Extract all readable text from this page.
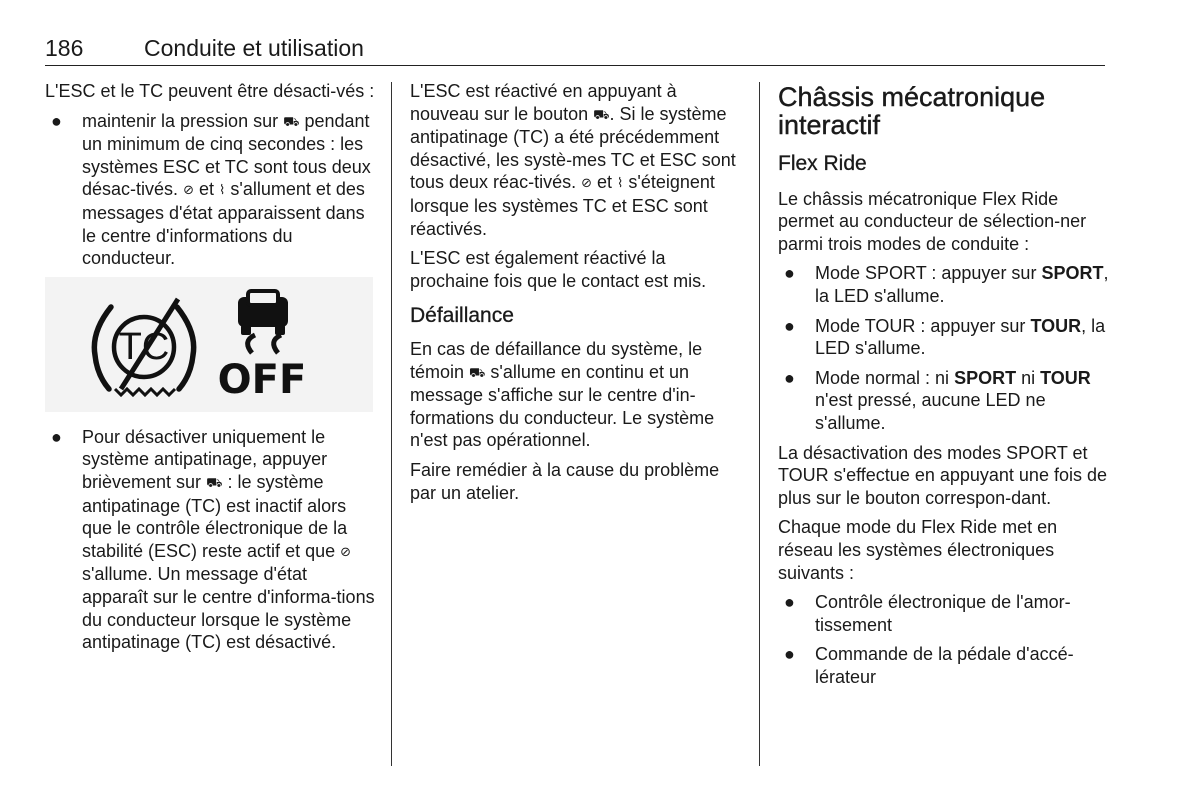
186	Conduite et utilisation

L'ESC et le TC peuvent être désacti-vés :

● maintenir la pression sur ⛟ pendant un minimum de cinq secondes : les systèmes ESC et TC sont tous deux désac-tivés. ⊘ et ⌇ s'allument et des messages d'état apparaissent dans le centre d'informations du conducteur.
TC
OFF
● Pour désactiver uniquement le système antipatinage, appuyer brièvement sur ⛟ : le système antipatinage (TC) est inactif alors que le contrôle électronique de la stabilité (ESC) reste actif et que ⊘ s'allume. Un message d'état apparaît sur le centre d'informa-tions du conducteur lorsque le système antipatinage (TC) est désactivé.

L'ESC est réactivé en appuyant à nouveau sur le bouton ⛟. Si le système antipatinage (TC) a été précédemment désactivé, les systè-mes TC et ESC sont tous deux réac-tivés. ⊘ et ⌇ s'éteignent lorsque les systèmes TC et ESC sont réactivés.

L'ESC est également réactivé la prochaine fois que le contact est mis.

Défaillance

En cas de défaillance du système, le témoin ⛟ s'allume en continu et un message s'affiche sur le centre d'in-formations du conducteur. Le système n'est pas opérationnel.

Faire remédier à la cause du problème par un atelier.

Châssis mécatronique interactif
Flex Ride

Le châssis mécatronique Flex Ride permet au conducteur de sélection-ner parmi trois modes de conduite :

● Mode SPORT : appuyer sur SPORT, la LED s'allume.
● Mode TOUR : appuyer sur TOUR, la LED s'allume.
● Mode normal : ni SPORT ni TOUR n'est pressé, aucune LED ne s'allume.

La désactivation des modes SPORT et TOUR s'effectue en appuyant une fois de plus sur le bouton correspon-dant.

Chaque mode du Flex Ride met en réseau les systèmes électroniques suivants :

● Contrôle électronique de l'amor-tissement
● Commande de la pédale d'accé-lérateur
